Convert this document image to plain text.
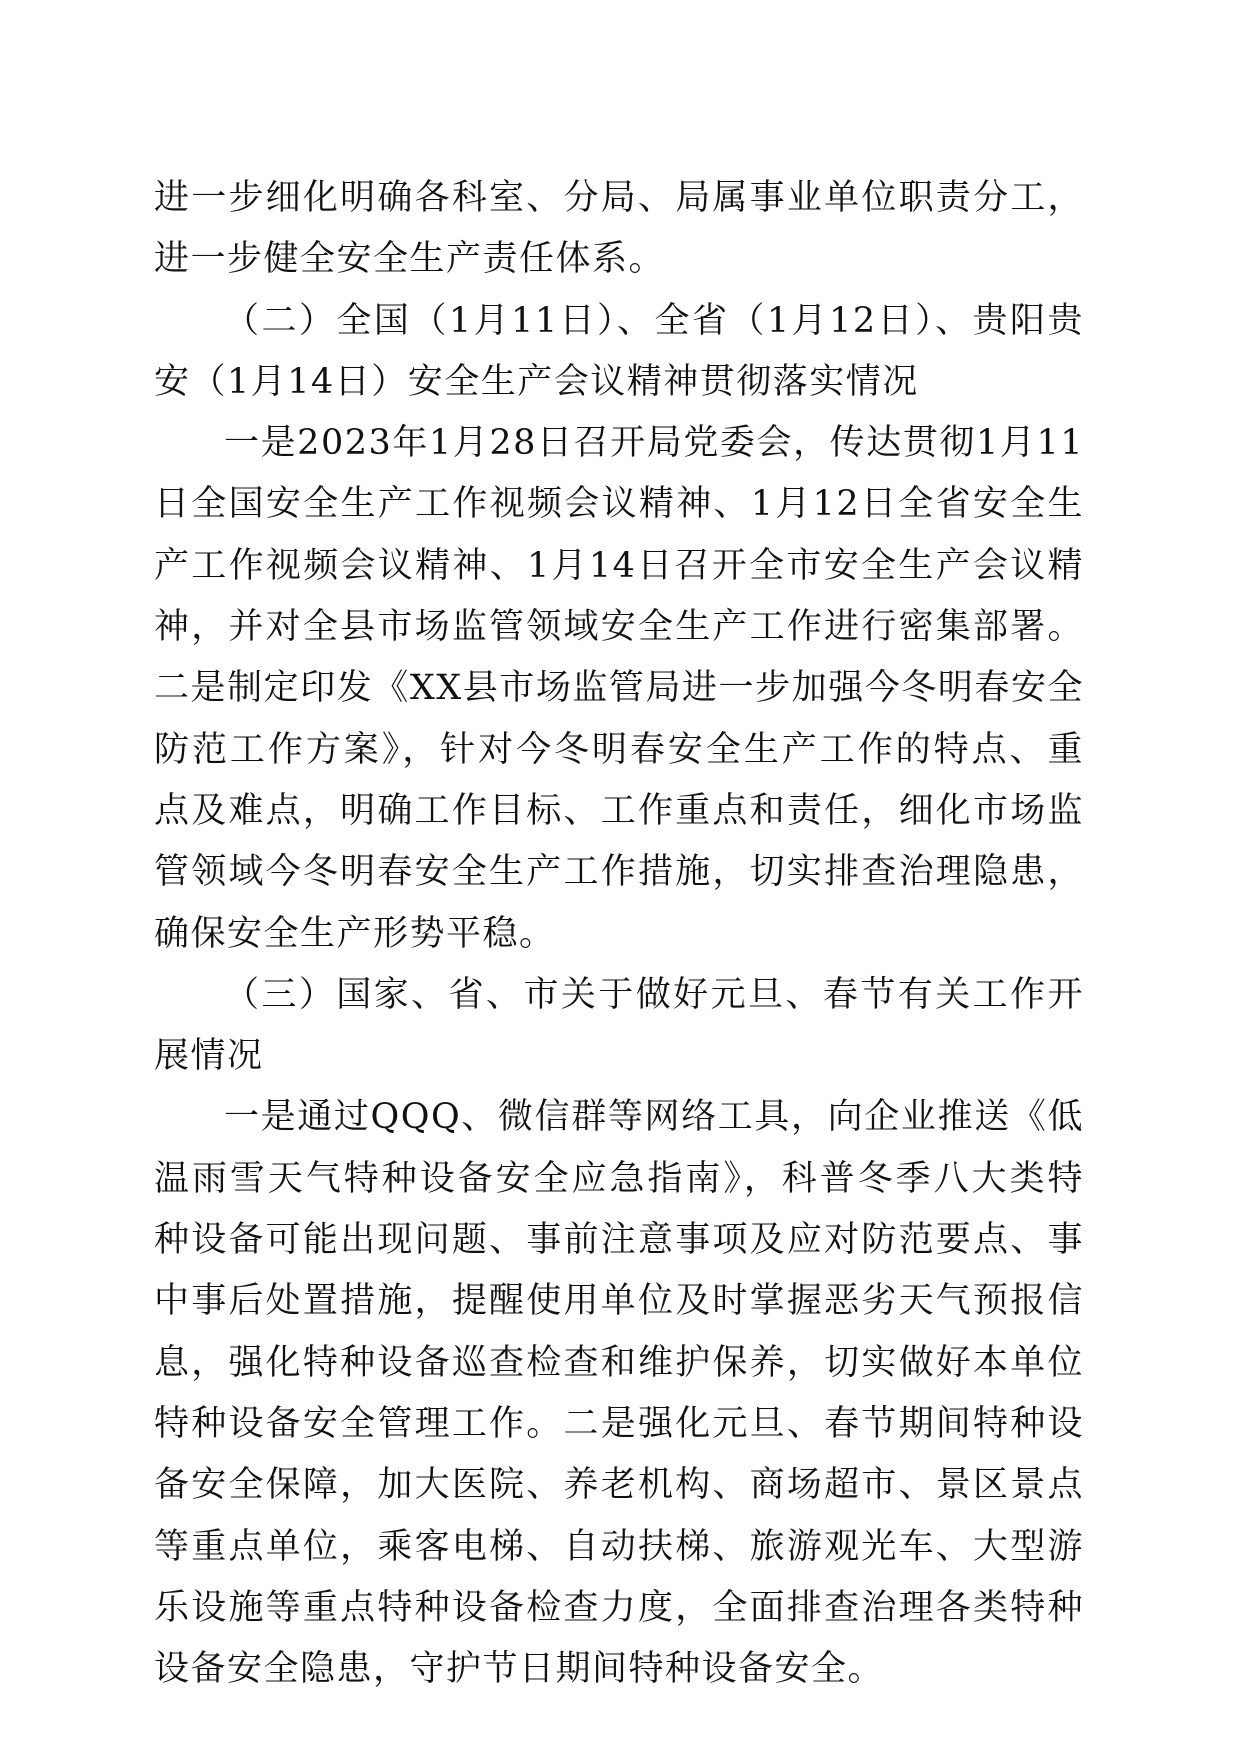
进一步细化明确各科室、分局、局属事业单位职责分工，进一步健全安全生产责任体系。

（二）全国（1月11日）、全省（1月12日）、贵阳贵安（1月14日）安全生产会议精神贯彻落实情况

一是2023年1月28日召开局党委会，传达贯彻1月11日全国安全生产工作视频会议精神、1月12日全省安全生产工作视频会议精神、1月14日召开全市安全生产会议精神，并对全县市场监管领域安全生产工作进行密集部署。二是制定印发《XX县市场监管局进一步加强今冬明春安全防范工作方案》，针对今冬明春安全生产工作的特点、重点及难点，明确工作目标、工作重点和责任，细化市场监管领域今冬明春安全生产工作措施，切实排查治理隐患，确保安全生产形势平稳。

（三）国家、省、市关于做好元旦、春节有关工作开展情况

一是通过QQQ、微信群等网络工具，向企业推送《低温雨雪天气特种设备安全应急指南》，科普冬季八大类特种设备可能出现问题、事前注意事项及应对防范要点、事中事后处置措施，提醒使用单位及时掌握恶劣天气预报信息，强化特种设备巡查检查和维护保养，切实做好本单位特种设备安全管理工作。二是强化元旦、春节期间特种设备安全保障，加大医院、养老机构、商场超市、景区景点等重点单位，乘客电梯、自动扶梯、旅游观光车、大型游乐设施等重点特种设备检查力度，全面排查治理各类特种设备安全隐患，守护节日期间特种设备安全。
